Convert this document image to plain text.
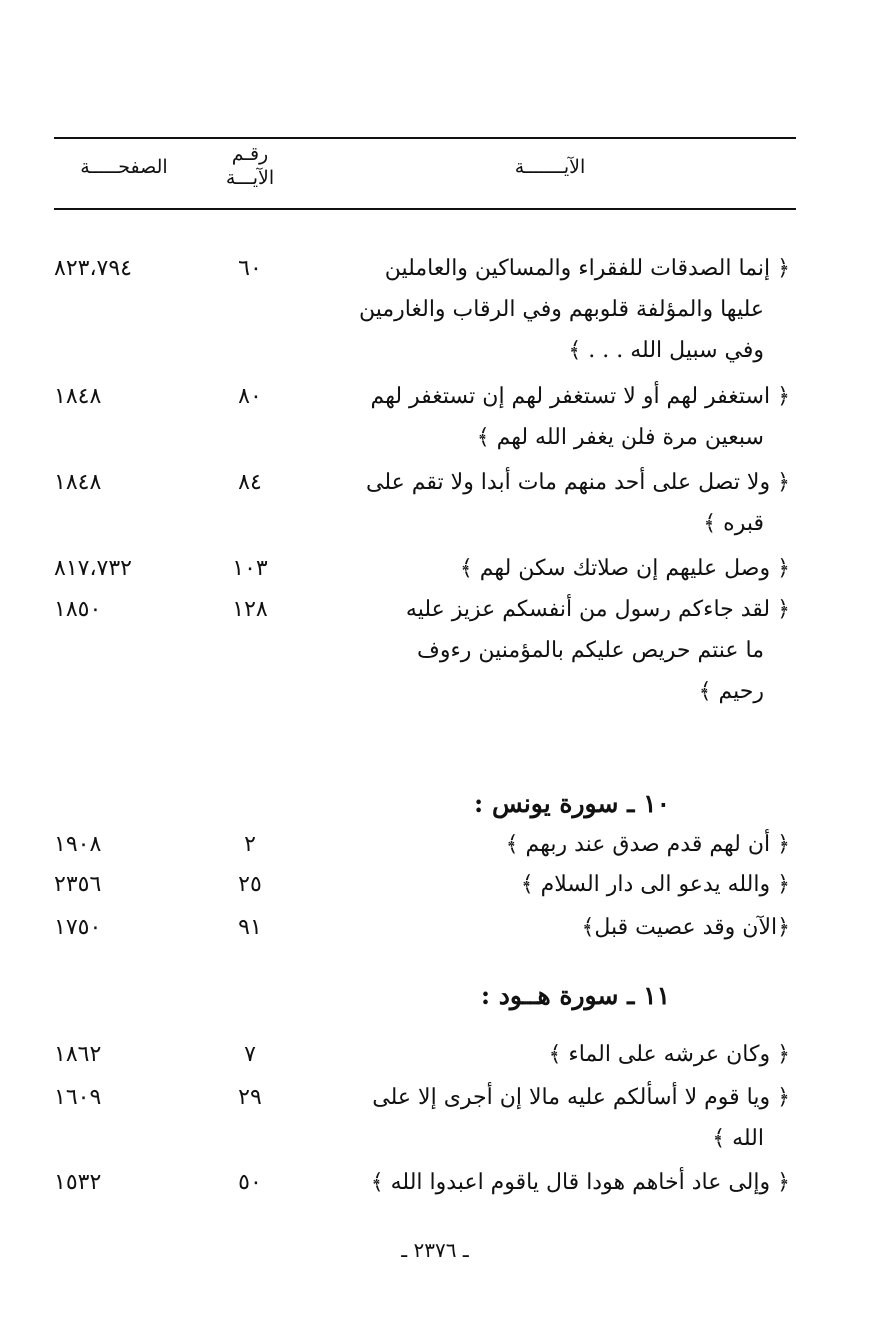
الآيـــــــة
رقـم
الآيـــة
الصفحـــــة
﴿ إنما الصدقات للفقراء والمساكين والعاملين
عليها والمؤلفة قلوبهم وفي الرقاب والغارمين
وفي سبيل الله . . . ﴾
٦٠
٨٢٣،٧٩٤
﴿ استغفر لهم أو لا تستغفر لهم إن تستغفر لهم
سبعين مرة فلن يغفر الله لهم ﴾
٨٠
١٨٤٨
﴿ ولا تصل على أحد منهم مات أبدا ولا تقم على
قبره ﴾
٨٤
١٨٤٨
﴿ وصل عليهم إن صلاتك سكن لهم ﴾
١٠٣
٨١٧،٧٣٢
﴿ لقد جاءكم رسول من أنفسكم عزيز عليه
ما عنتم حريص عليكم بالمؤمنين رءوف
رحيم ﴾
١٢٨
١٨٥٠
١٠ ـ سورة يونس :
﴿ أن لهم قدم صدق عند ربهم ﴾
٢
١٩٠٨
﴿ والله يدعو الى دار السلام ﴾
٢٥
٢٣٥٦
﴿الآن وقد عصيت قبل﴾
٩١
١٧٥٠
١١ ـ سورة هــود :
﴿ وكان عرشه على الماء ﴾
٧
١٨٦٢
﴿ ويا قوم لا أسألكم عليه مالا إن أجرى إلا على
الله ﴾
٢٩
١٦٠٩
﴿ وإلى عاد أخاهم هودا قال ياقوم اعبدوا الله ﴾
٥٠
١٥٣٢
ـ ٢٣٧٦ ـ
